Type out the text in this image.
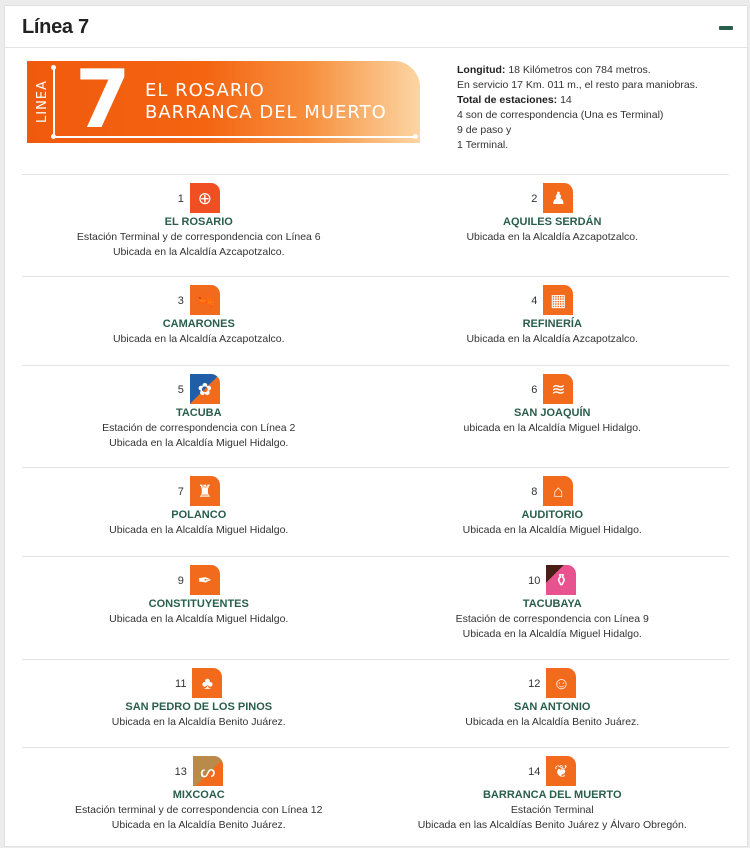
Línea 7
LINEA 7 EL ROSARIO
BARRANCA DEL MUERTO
Longitud: 18 Kilómetros con 784 metros.
En servicio 17 Km. 011 m., el resto para maniobras.
Total de estaciones: 14
4 son de correspondencia (Una es Terminal)
9 de paso y
1 Terminal.
1 ⊕
EL ROSARIO
Estación Terminal y de correspondencia con Línea 6
Ubicada en la Alcaldía Azcapotzalco.
2 ♟
AQUILES SERDÁN
Ubicada en la Alcaldía Azcapotzalco.
3 🦐
CAMARONES
Ubicada en la Alcaldía Azcapotzalco.
4 ▦
REFINERÍA
Ubicada en la Alcaldía Azcapotzalco.
5 ✿
TACUBA
Estación de correspondencia con Línea 2
Ubicada en la Alcaldía Miguel Hidalgo.
6 ≋
SAN JOAQUÍN
ubicada en la Alcaldía Miguel Hidalgo.
7 ♜
POLANCO
Ubicada en la Alcaldía Miguel Hidalgo.
8 ⌂
AUDITORIO
Ubicada en la Alcaldía Miguel Hidalgo.
9 ✒
CONSTITUYENTES
Ubicada en la Alcaldía Miguel Hidalgo.
10 ⚱
TACUBAYA
Estación de correspondencia con Línea 9
Ubicada en la Alcaldía Miguel Hidalgo.
11 ♣
SAN PEDRO DE LOS PINOS
Ubicada en la Alcaldía Benito Juárez.
12 ☺
SAN ANTONIO
Ubicada en la Alcaldía Benito Juárez.
13 ᔕ
MIXCOAC
Estación terminal y de correspondencia con Línea 12
Ubicada en la Alcaldía Benito Juárez.
14 ❦
BARRANCA DEL MUERTO
Estación Terminal
Ubicada en las Alcaldías Benito Juárez y Álvaro Obregón.
